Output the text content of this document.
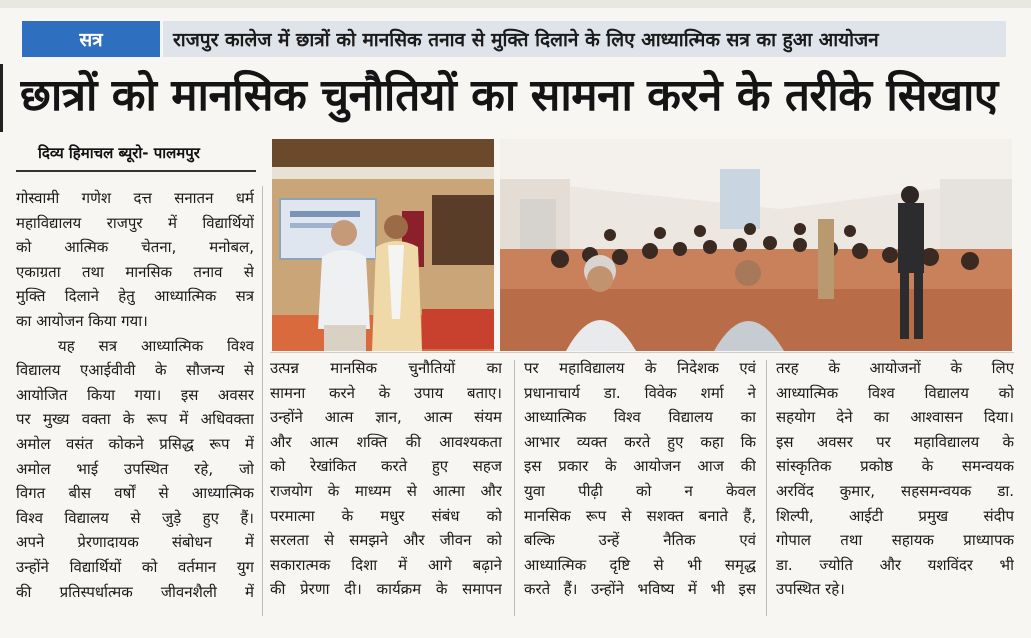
सत्र	राजपुर कालेज में छात्रों को मानसिक तनाव से मुक्ति दिलाने के लिए आध्यात्मिक सत्र का हुआ आयोजन
छात्रों को मानसिक चुनौतियों का सामना करने के तरीके सिखाए
दिव्य हिमाचल ब्यूरो- पालमपुर
गोस्वामी गणेश दत्त सनातन धर्म
महाविद्यालय राजपुर में विद्यार्थियों
को आत्मिक चेतना, मनोबल,
एकाग्रता तथा मानसिक तनाव से
मुक्ति दिलाने हेतु आध्यात्मिक सत्र
का आयोजन किया गया।
यह सत्र आध्यात्मिक विश्व
विद्यालय एआईवीवी के सौजन्य से
आयोजित किया गया। इस अवसर
पर मुख्य वक्ता के रूप में अधिवक्ता
अमोल वसंत कोकने प्रसिद्ध रूप में
अमोल भाई उपस्थित रहे, जो
विगत बीस वर्षों से आध्यात्मिक
विश्व विद्यालय से जुड़े हुए हैं।
अपने प्रेरणादायक संबोधन में
उन्होंने विद्यार्थियों को वर्तमान युग
की प्रतिस्पर्धात्मक जीवनशैली में
उत्पन्न मानसिक चुनौतियों का
सामना करने के उपाय बताए।
उन्होंने आत्म ज्ञान, आत्म संयम
और आत्म शक्ति की आवश्यकता
को रेखांकित करते हुए सहज
राजयोग के माध्यम से आत्मा और
परमात्मा के मधुर संबंध को
सरलता से समझने और जीवन को
सकारात्मक दिशा में आगे बढ़ाने
की प्रेरणा दी। कार्यक्रम के समापन
पर महाविद्यालय के निदेशक एवं
प्रधानाचार्य डा. विवेक शर्मा ने
आध्यात्मिक विश्व विद्यालय का
आभार व्यक्त करते हुए कहा कि
इस प्रकार के आयोजन आज की
युवा पीढ़ी को न केवल
मानसिक रूप से सशक्त बनाते हैं,
बल्कि उन्हें नैतिक एवं
आध्यात्मिक दृष्टि से भी समृद्ध
करते हैं। उन्होंने भविष्य में भी इस
तरह के आयोजनों के लिए
आध्यात्मिक विश्व विद्यालय को
सहयोग देने का आश्वासन दिया।
इस अवसर पर महाविद्यालय के
सांस्कृतिक प्रकोष्ठ के समन्वयक
अरविंद कुमार, सहसमन्वयक डा.
शिल्पी, आईटी प्रमुख संदीप
गोपाल तथा सहायक प्राध्यापक
डा. ज्योति और यशविंदर भी
उपस्थित रहे।
